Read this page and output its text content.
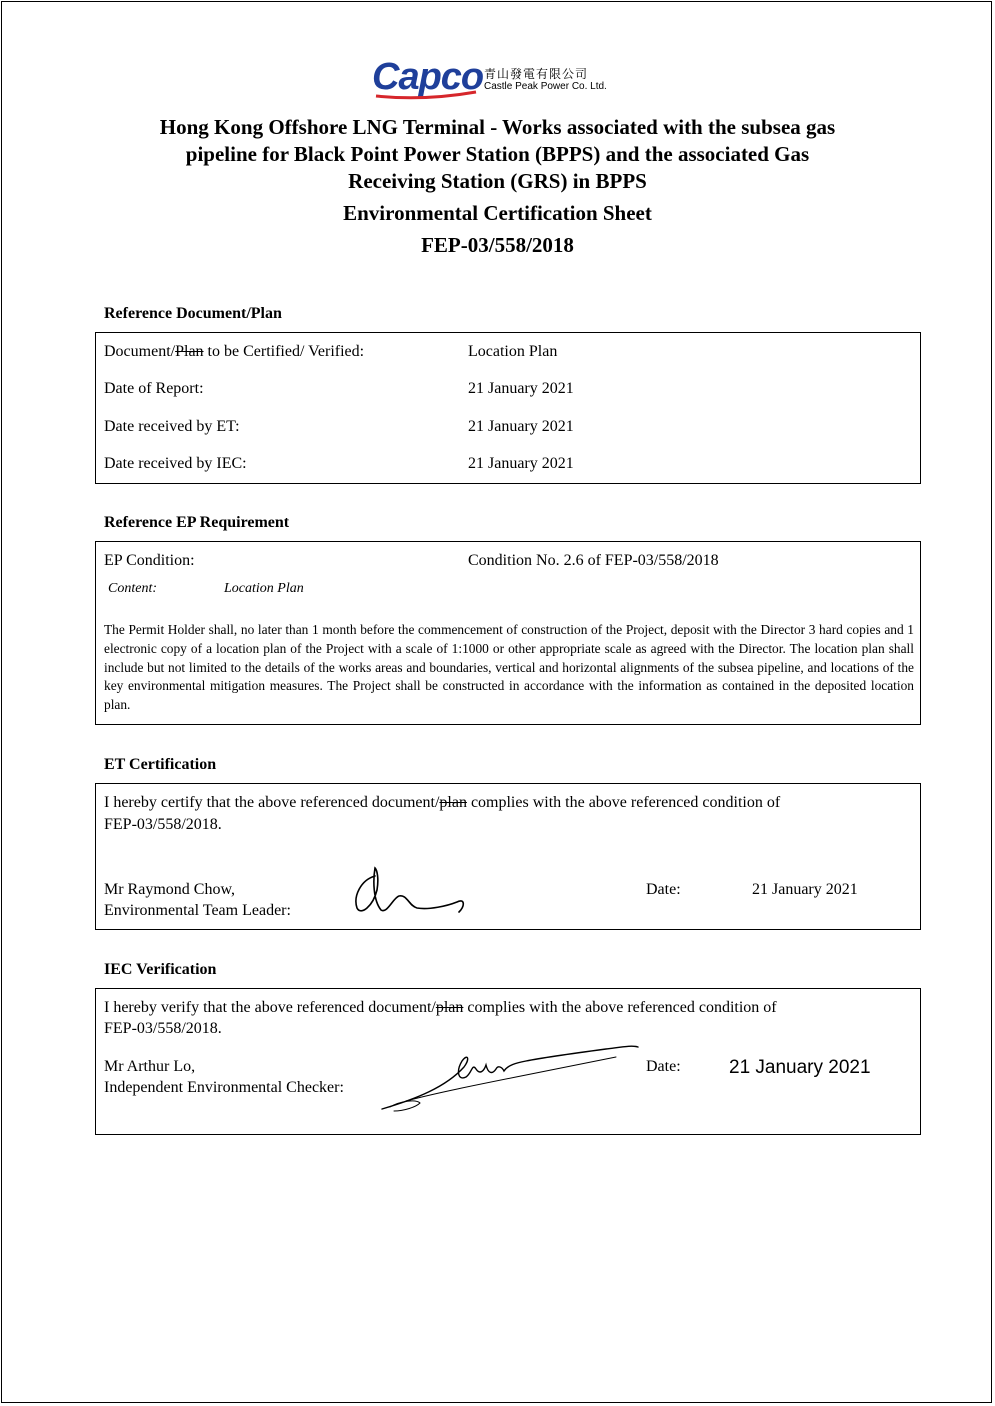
Capco 青山發電有限公司
Castle Peak Power Co. Ltd.
Hong Kong Offshore LNG Terminal - Works associated with the subsea gas
pipeline for Black Point Power Station (BPPS) and the associated Gas
Receiving Station (GRS) in BPPS
Environmental Certification Sheet
FEP-03/558/2018
Reference Document/Plan
Document/Plan to be Certified/ Verified:	Location Plan
Date of Report:	21 January 2021
Date received by ET:	21 January 2021
Date received by IEC:	21 January 2021
Reference EP Requirement
EP Condition:	Condition No. 2.6 of FEP-03/558/2018
Content:	Location Plan
The Permit Holder shall, no later than 1 month before the commencement of construction of the Project, deposit with the Director 3 hard copies and 1 electronic copy of a location plan of the Project with a scale of 1:1000 or other appropriate scale as agreed with the Director. The location plan shall include but not limited to the details of the works areas and boundaries, vertical and horizontal alignments of the subsea pipeline, and locations of the key environmental mitigation measures. The Project shall be constructed in accordance with the information as contained in the deposited location plan.
ET Certification
I hereby certify that the above referenced document/plan complies with the above referenced condition of
FEP-03/558/2018.
Mr Raymond Chow,
Environmental Team Leader:
Date:	21 January 2021
IEC Verification
I hereby verify that the above referenced document/plan complies with the above referenced condition of
FEP-03/558/2018.
Mr Arthur Lo,
Independent Environmental Checker:
Date:	21 January 2021
